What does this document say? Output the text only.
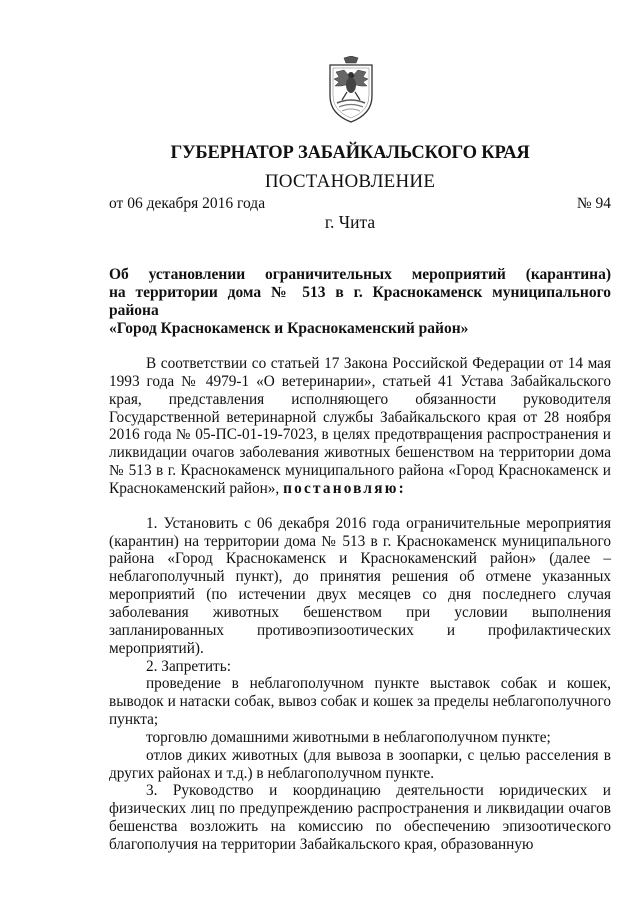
ГУБЕРНАТОР ЗАБАЙКАЛЬСКОГО КРАЯ
ПОСТАНОВЛЕНИЕ
от 06 декабря 2016 года	№ 94
г. Чита
Об установлении ограничительных мероприятий (карантина)
на территории дома № 513 в г. Краснокаменск муниципального района
«Город Краснокаменск и Краснокаменский район»

В соответствии со статьей 17 Закона Российской Федерации от 14 мая 1993 года № 4979-1 «О ветеринарии», статьей 41 Устава Забайкальского края, представления исполняющего обязанности руководителя Государственной ветеринарной службы Забайкальского края от 28 ноября 2016 года № 05-ПС-01-19-7023, в целях предотвращения распространения и ликвидации очагов заболевания животных бешенством на территории дома № 513 в г. Краснокаменск муниципального района «Город Краснокаменск и Краснокаменский район», постановляю:

1. Установить с 06 декабря 2016 года ограничительные мероприятия (карантин) на территории дома № 513 в г. Краснокаменск муниципального района «Город Краснокаменск и Краснокаменский район» (далее – неблагополучный пункт), до принятия решения об отмене указанных мероприятий (по истечении двух месяцев со дня последнего случая заболевания животных бешенством при условии выполнения запланированных противоэпизоотических и профилактических мероприятий).

2. Запретить:

проведение в неблагополучном пункте выставок собак и кошек, выводок и натаски собак, вывоз собак и кошек за пределы неблагополучного пункта;

торговлю домашними животными в неблагополучном пункте;

отлов диких животных (для вывоза в зоопарки, с целью расселения в других районах и т.д.) в неблагополучном пункте.

3. Руководство и координацию деятельности юридических и физических лиц по предупреждению распространения и ликвидации очагов бешенства возложить на комиссию по обеспечению эпизоотического благополучия на территории Забайкальского края, образованную
